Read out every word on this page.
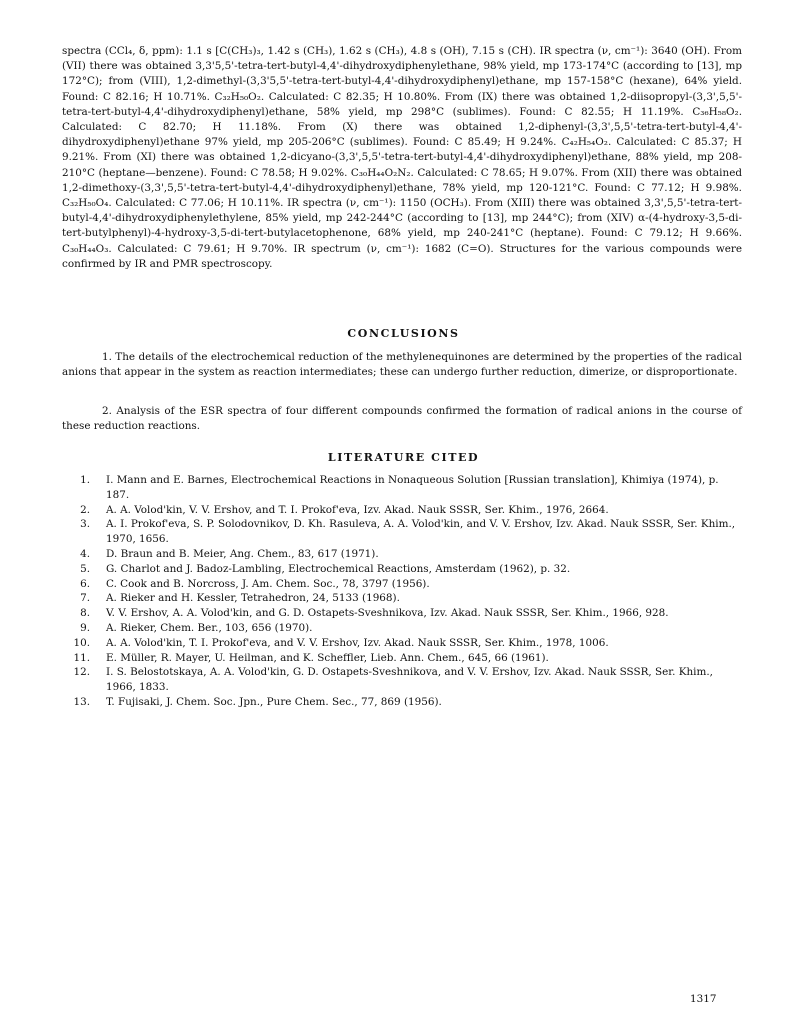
spectra (CCl₄, δ, ppm): 1.1 s [C(CH₃)₃, 1.42 s (CH₃), 1.62 s (CH₃), 4.8 s (OH), 7.15 s (CH). IR spectra (ν, cm⁻¹): 3640 (OH). From (VII) there was obtained 3,3'5,5'-tetra-tert-butyl-4,4'-dihydroxydiphenylethane, 98% yield, mp 173-174°C (according to [13], mp 172°C); from (VIII), 1,2-dimethyl-(3,3'5,5'-tetra-tert-butyl-4,4'-dihydroxydiphenyl)ethane, mp 157-158°C (hexane), 64% yield. Found: C 82.16; H 10.71%. C₃₂H₅₀O₂. Calculated: C 82.35; H 10.80%. From (IX) there was obtained 1,2-diisopropyl-(3,3',5,5'-tetra-tert-butyl-4,4'-dihydroxydiphenyl)ethane, 58% yield, mp 298°C (sublimes). Found: C 82.55; H 11.19%. C₃₆H₅₈O₂. Calculated: C 82.70; H 11.18%. From (X) there was obtained 1,2-diphenyl-(3,3',5,5'-tetra-tert-butyl-4,4'-dihydroxydiphenyl)ethane 97% yield, mp 205-206°C (sublimes). Found: C 85.49; H 9.24%. C₄₂H₅₄O₂. Calculated: C 85.37; H 9.21%. From (XI) there was obtained 1,2-dicyano-(3,3',5,5'-tetra-tert-butyl-4,4'-dihydroxydiphenyl)ethane, 88% yield, mp 208-210°C (heptane—benzene). Found: C 78.58; H 9.02%. C₃₀H₄₄O₂N₂. Calculated: C 78.65; H 9.07%. From (XII) there was obtained 1,2-dimethoxy-(3,3',5,5'-tetra-tert-butyl-4,4'-dihydroxydiphenyl)ethane, 78% yield, mp 120-121°C. Found: C 77.12; H 9.98%. C₃₂H₅₀O₄. Calculated: C 77.06; H 10.11%. IR spectra (ν, cm⁻¹): 1150 (OCH₃). From (XIII) there was obtained 3,3',5,5'-tetra-tert-butyl-4,4'-dihydroxydiphenylethylene, 85% yield, mp 242-244°C (according to [13], mp 244°C); from (XIV) α-(4-hydroxy-3,5-di-tert-butylphenyl)-4-hydroxy-3,5-di-tert-butylacetophenone, 68% yield, mp 240-241°C (heptane). Found: C 79.12; H 9.66%. C₃₀H₄₄O₃. Calculated: C 79.61; H 9.70%. IR spectrum (ν, cm⁻¹): 1682 (C=O). Structures for the various compounds were confirmed by IR and PMR spectroscopy.

CONCLUSIONS

1. The details of the electrochemical reduction of the methylenequinones are determined by the properties of the radical anions that appear in the system as reaction intermediates; these can undergo further reduction, dimerize, or disproportionate.

2. Analysis of the ESR spectra of four different compounds confirmed the formation of radical anions in the course of these reduction reactions.

LITERATURE CITED
1. I. Mann and E. Barnes, Electrochemical Reactions in Nonaqueous Solution [Russian translation], Khimiya (1974), p. 187.
2. A. A. Volod'kin, V. V. Ershov, and T. I. Prokof'eva, Izv. Akad. Nauk SSSR, Ser. Khim., 1976, 2664.
3. A. I. Prokof'eva, S. P. Solodovnikov, D. Kh. Rasuleva, A. A. Volod'kin, and V. V. Ershov, Izv. Akad. Nauk SSSR, Ser. Khim., 1970, 1656.
4. D. Braun and B. Meier, Ang. Chem., 83, 617 (1971).
5. G. Charlot and J. Badoz-Lambling, Electrochemical Reactions, Amsterdam (1962), p. 32.
6. C. Cook and B. Norcross, J. Am. Chem. Soc., 78, 3797 (1956).
7. A. Rieker and H. Kessler, Tetrahedron, 24, 5133 (1968).
8. V. V. Ershov, A. A. Volod'kin, and G. D. Ostapets-Sveshnikova, Izv. Akad. Nauk SSSR, Ser. Khim., 1966, 928.
9. A. Rieker, Chem. Ber., 103, 656 (1970).
10. A. A. Volod'kin, T. I. Prokof'eva, and V. V. Ershov, Izv. Akad. Nauk SSSR, Ser. Khim., 1978, 1006.
11. E. Müller, R. Mayer, U. Heilman, and K. Scheffler, Lieb. Ann. Chem., 645, 66 (1961).
12. I. S. Belostotskaya, A. A. Volod'kin, G. D. Ostapets-Sveshnikova, and V. V. Ershov, Izv. Akad. Nauk SSSR, Ser. Khim., 1966, 1833.
13. T. Fujisaki, J. Chem. Soc. Jpn., Pure Chem. Sec., 77, 869 (1956).
1317
